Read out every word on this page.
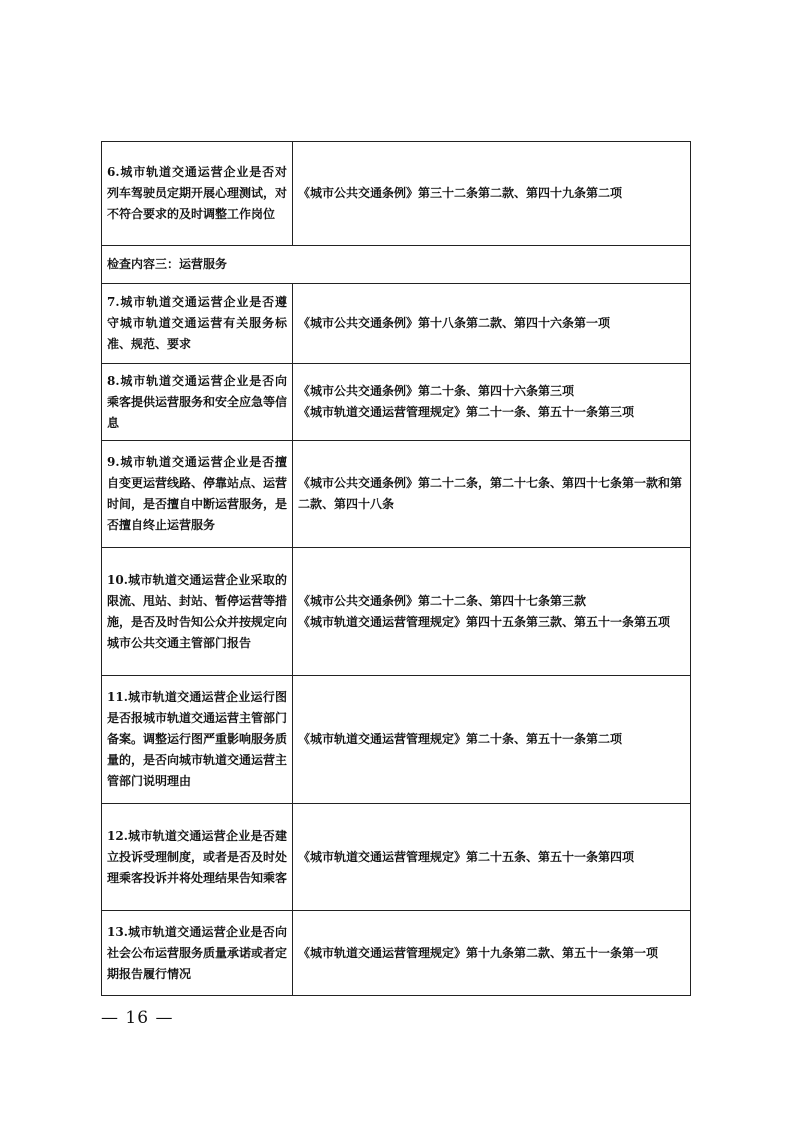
6.城市轨道交通运营企业是否对列车驾驶员定期开展心理测试，对不符合要求的及时调整工作岗位	《城市公共交通条例》第三十二条第二款、第四十九条第二项

检查内容三：运营服务	
7.城市轨道交通运营企业是否遵守城市轨道交通运营有关服务标准、规范、要求	《城市公共交通条例》第十八条第二款、第四十六条第一项

8.城市轨道交通运营企业是否向乘客提供运营服务和安全应急等信息	《城市公共交通条例》第二十条、第四十六条第三项
《城市轨道交通运营管理规定》第二十一条、第五十一条第三项

9.城市轨道交通运营企业是否擅自变更运营线路、停靠站点、运营时间，是否擅自中断运营服务，是否擅自终止运营服务	《城市公共交通条例》第二十二条，第二十七条、第四十七条第一款和第二款、第四十八条

10.城市轨道交通运营企业采取的限流、甩站、封站、暂停运营等措施，是否及时告知公众并按规定向城市公共交通主管部门报告	《城市公共交通条例》第二十二条、第四十七条第三款
《城市轨道交通运营管理规定》第四十五条第三款、第五十一条第五项

11.城市轨道交通运营企业运行图是否报城市轨道交通运营主管部门备案。调整运行图严重影响服务质量的，是否向城市轨道交通运营主管部门说明理由	《城市轨道交通运营管理规定》第二十条、第五十一条第二项

12.城市轨道交通运营企业是否建立投诉受理制度，或者是否及时处理乘客投诉并将处理结果告知乘客	《城市轨道交通运营管理规定》第二十五条、第五十一条第四项

13.城市轨道交通运营企业是否向社会公布运营服务质量承诺或者定期报告履行情况	《城市轨道交通运营管理规定》第十九条第二款、第五十一条第一项
— 16 —
